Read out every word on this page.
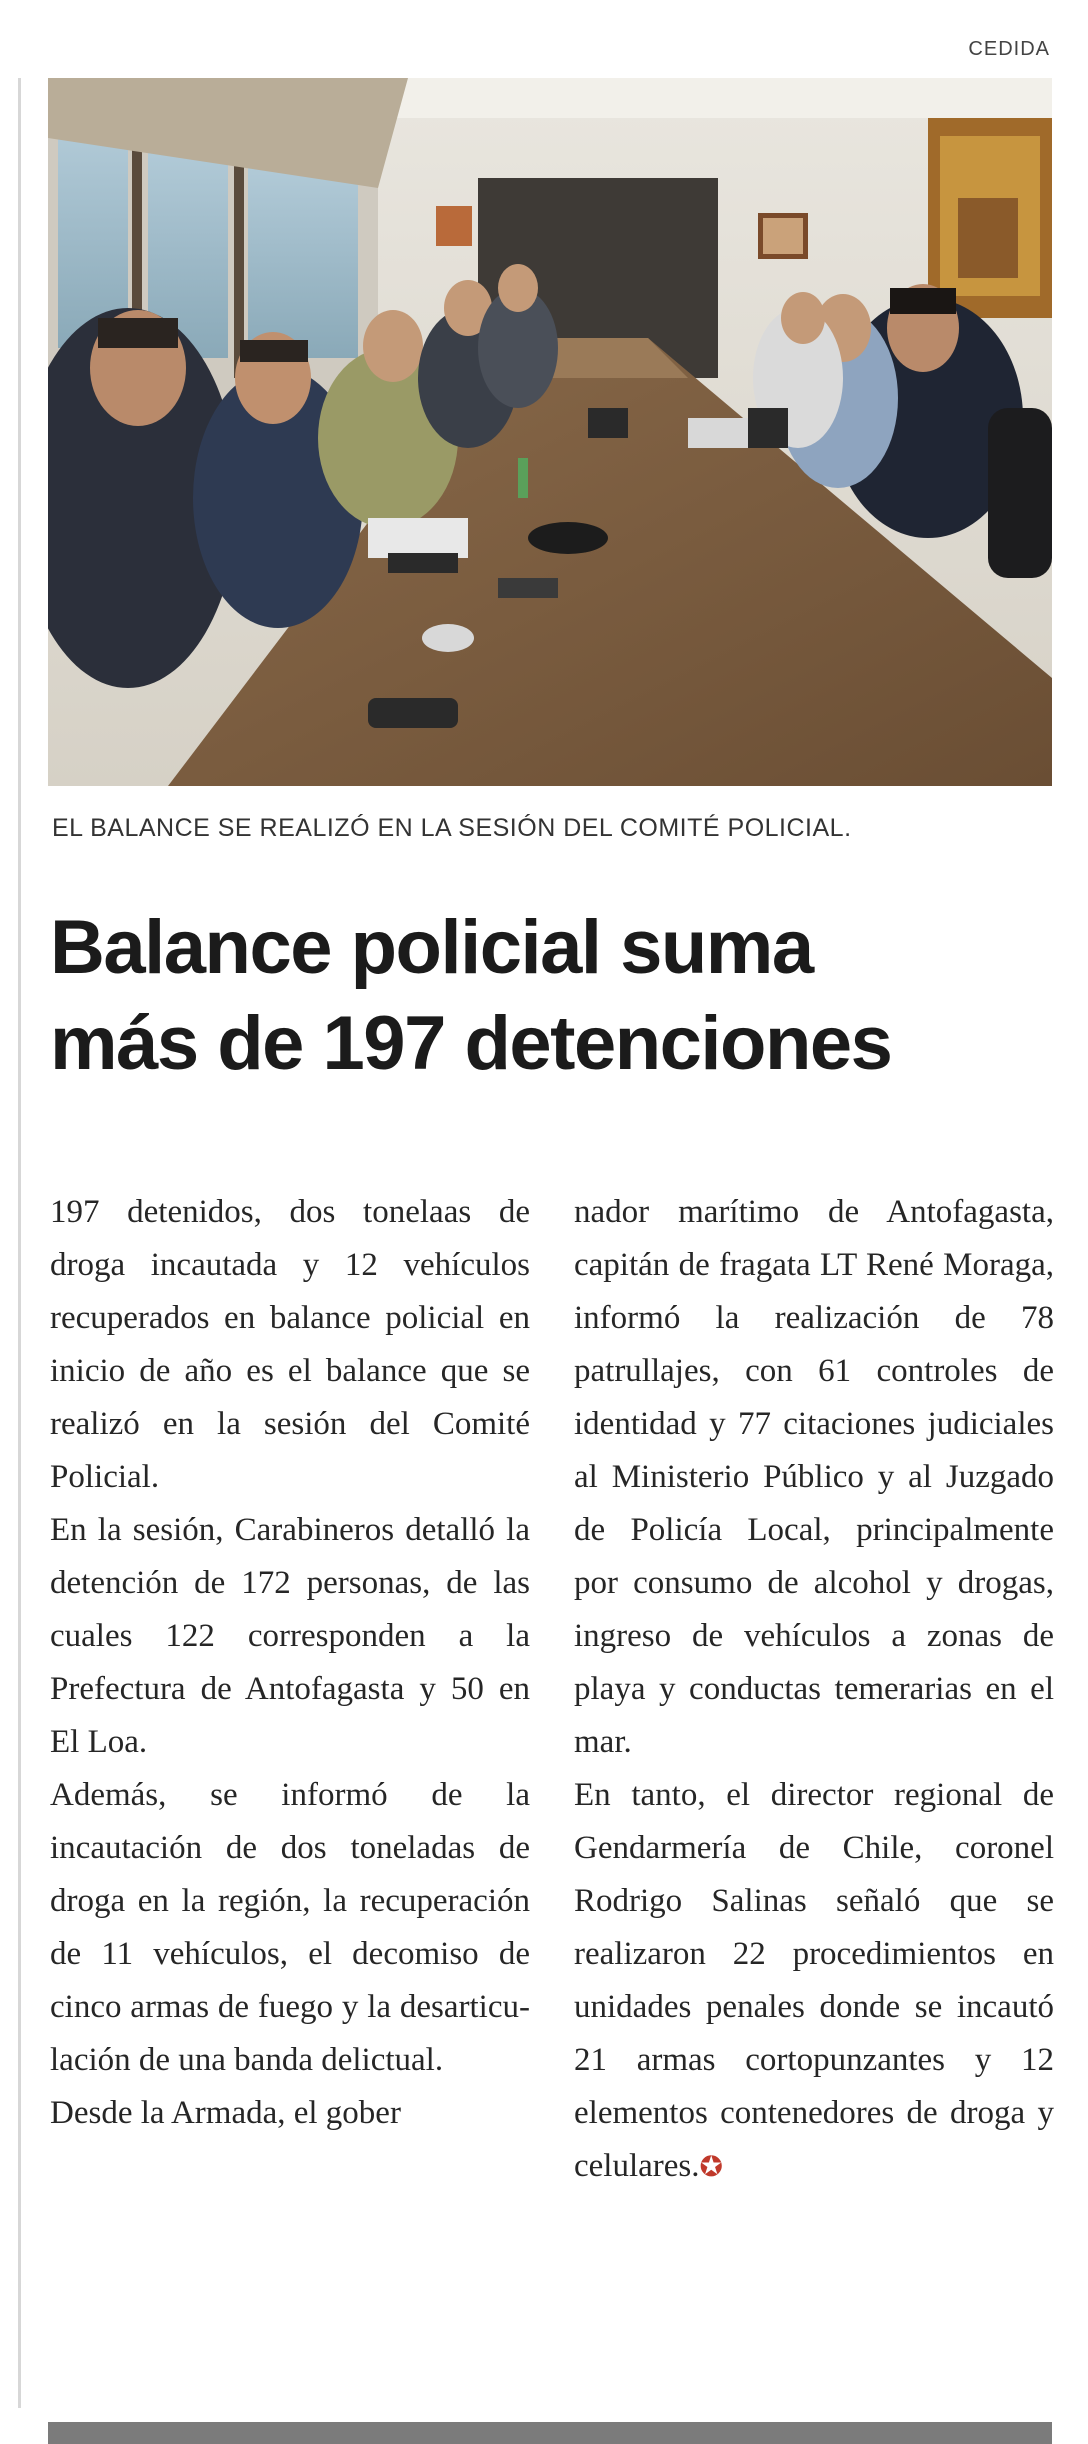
CEDIDA
EL BALANCE SE REALIZÓ EN LA SESIÓN DEL COMITÉ POLICIAL.
Balance policial suma
más de 197 detenciones

197 detenidos, dos tonelaas de droga incautada y 12 vehículos recuperados en balance policial en inicio de año es el balance que se realizó en la sesión del Comité Policial.

En la sesión, Carabineros detalló la detención de 172 personas, de las cuales 122 corresponden a la Prefectura de Antofagasta y 50 en El Loa.

Además, se informó de la incautación de dos toneladas de droga en la región, la recuperación de 11 vehículos, el decomiso de cinco armas de fuego y la desarticulación de una banda delictual.

Desde la Armada, el gober

nador marítimo de Antofagasta, capitán de fragata LT René Moraga, informó la realización de 78 patrullajes, con 61 controles de identidad y 77 citaciones judiciales al Ministerio Público y al Juzgado de Policía Local, principalmente por consumo de alcohol y drogas, ingreso de vehículos a zonas de playa y conductas temerarias en el mar.

En tanto, el director regional de Gendarmería de Chile, coronel Rodrigo Salinas señaló que se realizaron 22 procedimientos en unidades penales donde se incautó 21 armas cortopunzantes y 12 elementos contenedores de droga y celulares.✪
